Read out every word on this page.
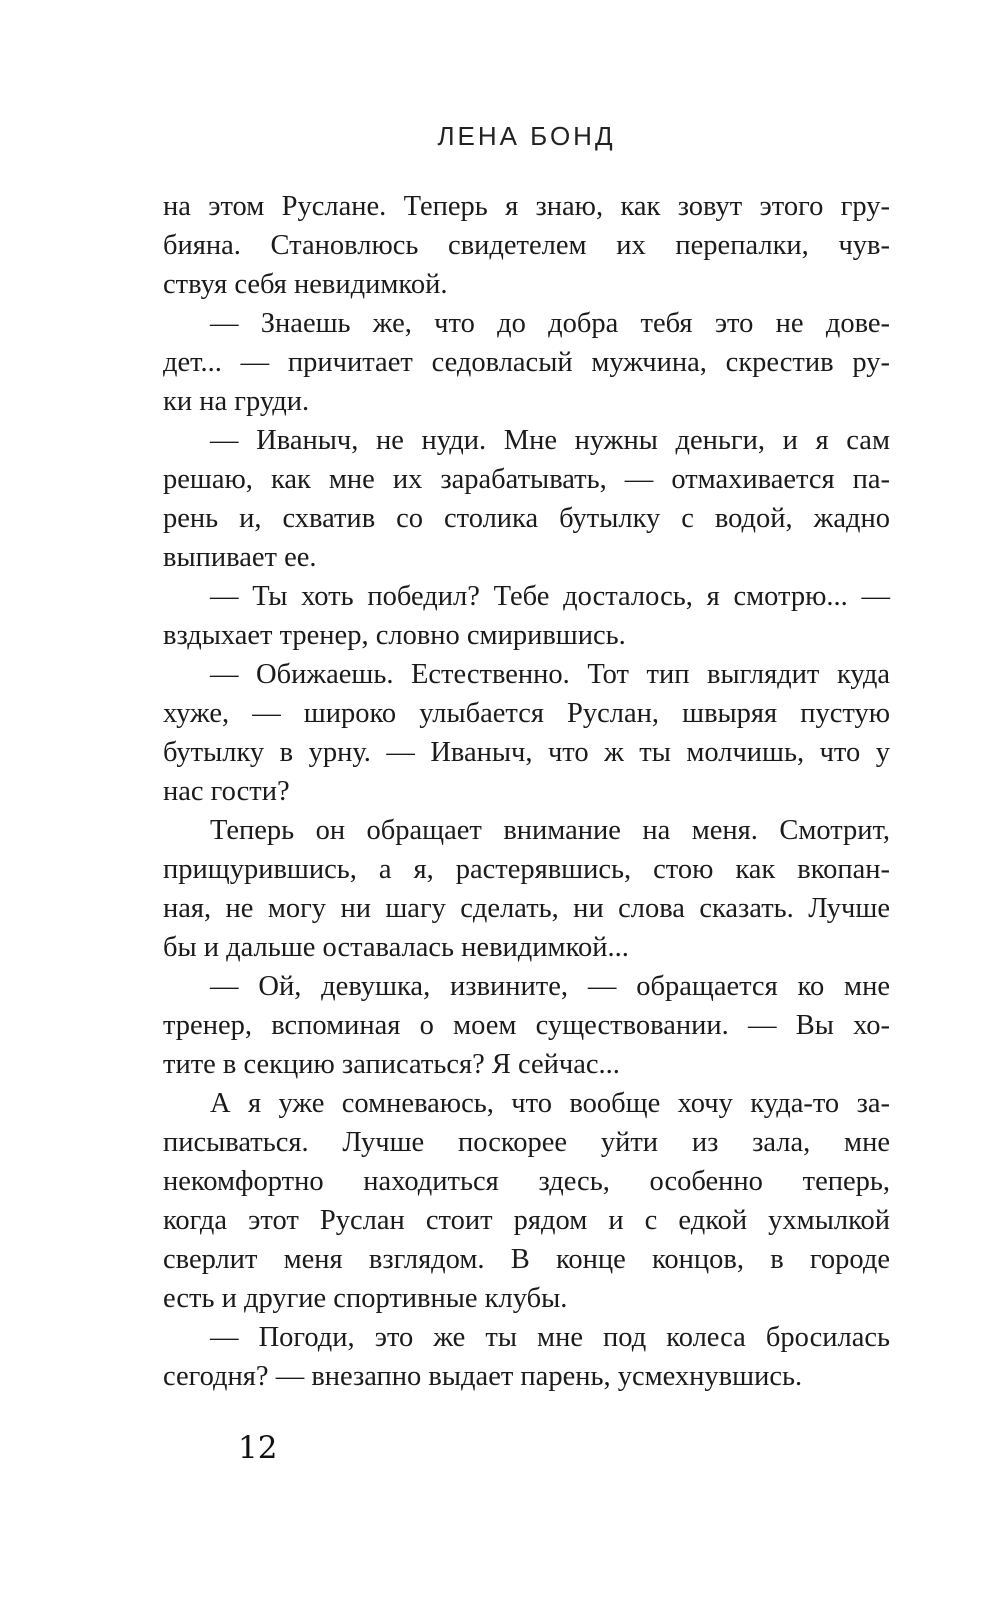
ЛЕНА БОНД
на этом Руслане. Теперь я знаю, как зовут этого гру-
бияна. Становлюсь свидетелем их перепалки, чув-
ствуя себя невидимкой.
— Знаешь же, что до добра тебя это не дове-
дет... — причитает седовласый мужчина, скрестив ру-
ки на груди.
— Иваныч, не нуди. Мне нужны деньги, и я сам
решаю, как мне их зарабатывать, — отмахивается па-
рень и, схватив со столика бутылку с водой, жадно
выпивает ее.
— Ты хоть победил? Тебе досталось, я смотрю... —
вздыхает тренер, словно смирившись.
— Обижаешь. Естественно. Тот тип выглядит куда
хуже, — широко улыбается Руслан, швыряя пустую
бутылку в урну. — Иваныч, что ж ты молчишь, что у
нас гости?
Теперь он обращает внимание на меня. Смотрит,
прищурившись, а я, растерявшись, стою как вкопан-
ная, не могу ни шагу сделать, ни слова сказать. Лучше
бы и дальше оставалась невидимкой...
— Ой, девушка, извините, — обращается ко мне
тренер, вспоминая о моем существовании. — Вы хо-
тите в секцию записаться? Я сейчас...
А я уже сомневаюсь, что вообще хочу куда-то за-
писываться. Лучше поскорее уйти из зала, мне
некомфортно находиться здесь, особенно теперь,
когда этот Руслан стоит рядом и с едкой ухмылкой
сверлит меня взглядом. В конце концов, в городе
есть и другие спортивные клубы.
— Погоди, это же ты мне под колеса бросилась
сегодня? — внезапно выдает парень, усмехнувшись.
12
